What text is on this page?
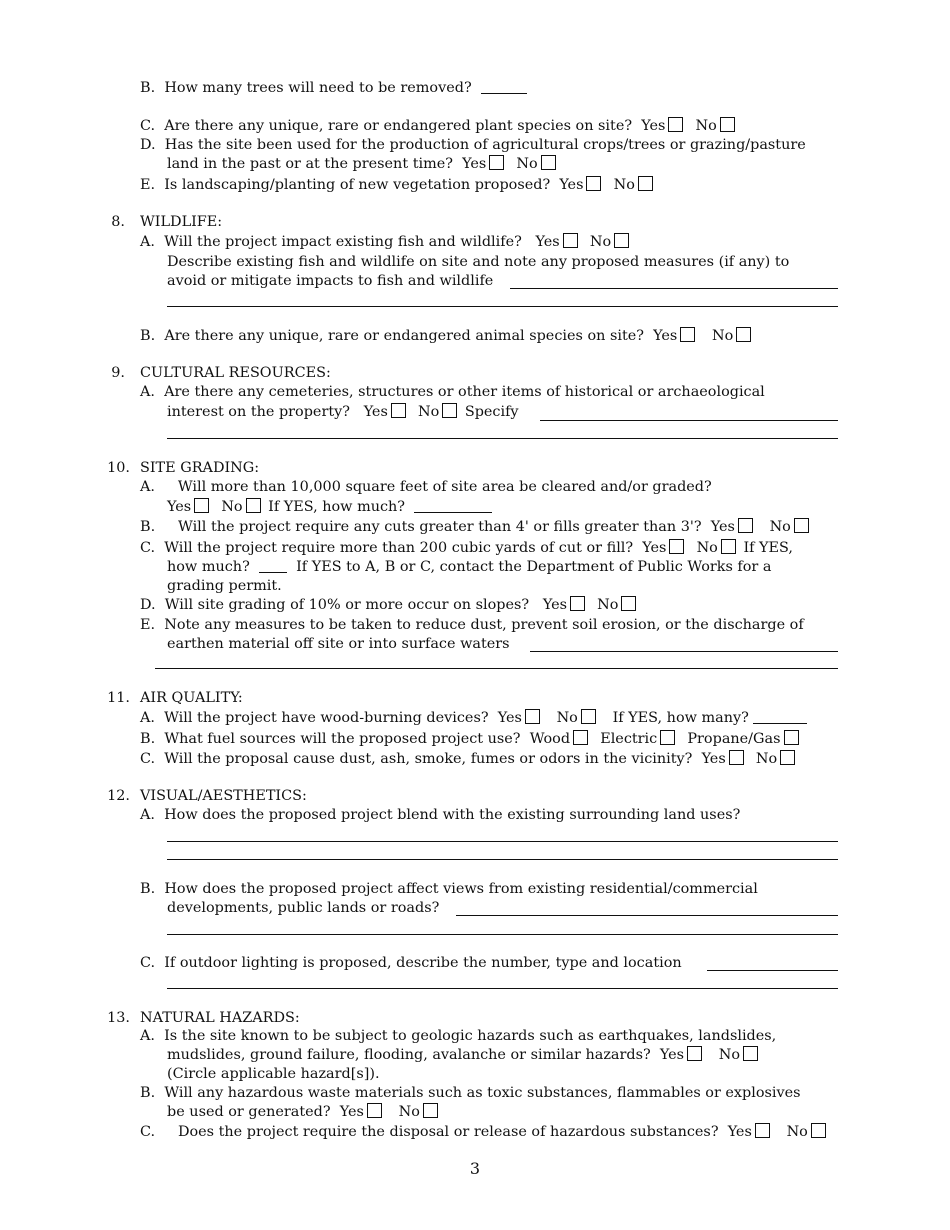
B. How many trees will need to be removed?
C. Are there any unique, rare or endangered plant species on site? Yes No
D. Has the site been used for the production of agricultural crops/trees or grazing/pasture
land in the past or at the present time? Yes No
E. Is landscaping/planting of new vegetation proposed? Yes No
8. WILDLIFE:
A. Will the project impact existing fish and wildlife? Yes No
Describe existing fish and wildlife on site and note any proposed measures (if any) to
avoid or mitigate impacts to fish and wildlife
B. Are there any unique, rare or endangered animal species on site? Yes No
9. CULTURAL RESOURCES:
A. Are there any cemeteries, structures or other items of historical or archaeological
interest on the property? Yes No Specify
10. SITE GRADING:
A. Will more than 10,000 square feet of site area be cleared and/or graded?
Yes No If YES, how much?
B. Will the project require any cuts greater than 4' or fills greater than 3'? Yes No
C. Will the project require more than 200 cubic yards of cut or fill? Yes No If YES,
how much?	If YES to A, B or C, contact the Department of Public Works for a
grading permit.
D. Will site grading of 10% or more occur on slopes? Yes No
E. Note any measures to be taken to reduce dust, prevent soil erosion, or the discharge of
earthen material off site or into surface waters
11. AIR QUALITY:
A. Will the project have wood-burning devices? Yes No If YES, how many?
B. What fuel sources will the proposed project use? Wood Electric Propane/Gas
C. Will the proposal cause dust, ash, smoke, fumes or odors in the vicinity? Yes No
12. VISUAL/AESTHETICS:
A. How does the proposed project blend with the existing surrounding land uses?
B. How does the proposed project affect views from existing residential/commercial
developments, public lands or roads?
C. If outdoor lighting is proposed, describe the number, type and location
13. NATURAL HAZARDS:
A. Is the site known to be subject to geologic hazards such as earthquakes, landslides,
mudslides, ground failure, flooding, avalanche or similar hazards? Yes No
(Circle applicable hazard[s]).
B. Will any hazardous waste materials such as toxic substances, flammables or explosives
be used or generated? Yes No
C. Does the project require the disposal or release of hazardous substances? Yes No
3
